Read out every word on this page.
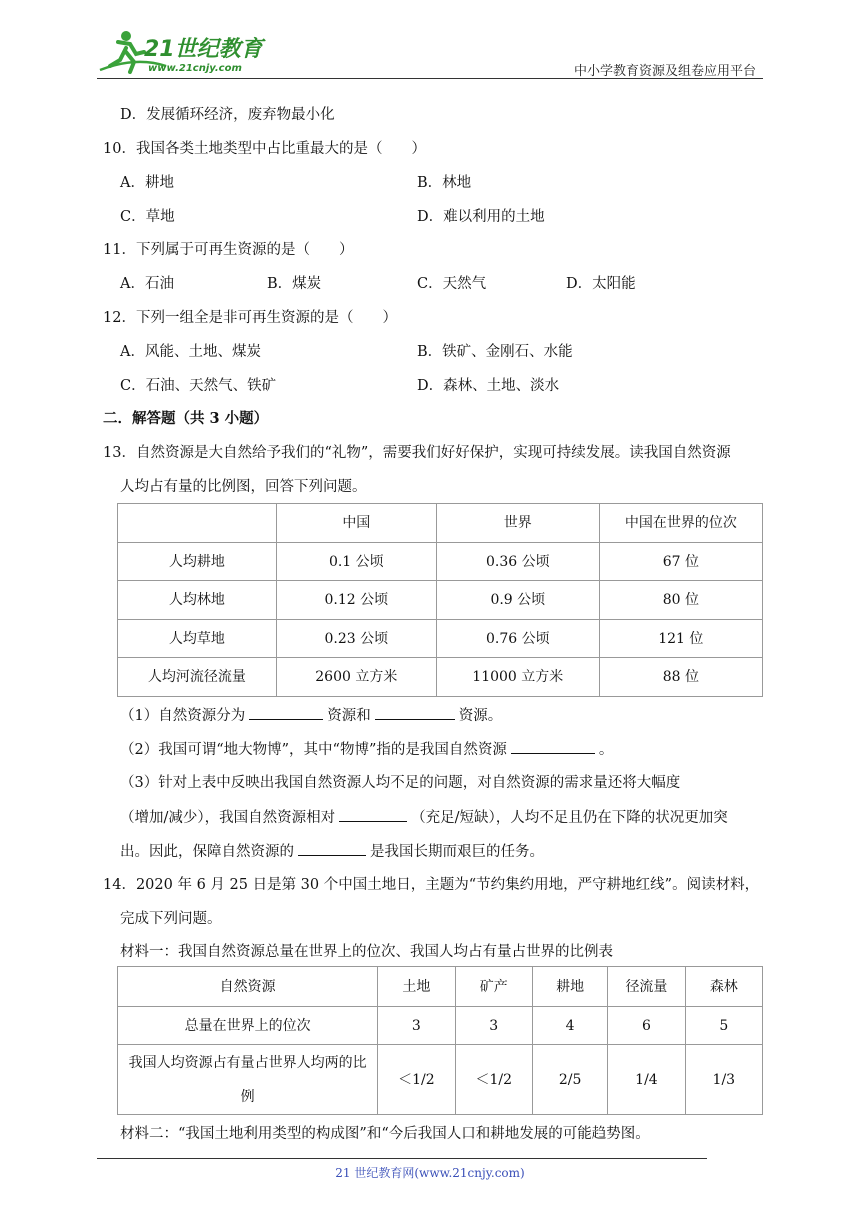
21世纪教育
www.21cnjy.com	中小学教育资源及组卷应用平台
D．发展循环经济，废弃物最小化
10．我国各类土地类型中占比重最大的是（　　）
A．耕地	B．林地
C．草地	D．难以利用的土地
11．下列属于可再生资源的是（　　）
A．石油	B．煤炭	C．天然气	D．太阳能
12．下列一组全是非可再生资源的是（　　）
A．风能、土地、煤炭	B．铁矿、金刚石、水能
C．石油、天然气、铁矿	D．森林、土地、淡水
二．解答题（共 3 小题）
13．自然资源是大自然给予我们的“礼物”，需要我们好好保护，实现可持续发展。读我国自然资源
人均占有量的比例图，回答下列问题。
	中国	世界	中国在世界的位次
人均耕地	0.1 公顷	0.36 公顷	67 位
人均林地	0.12 公顷	0.9 公顷	80 位
人均草地	0.23 公顷	0.76 公顷	121 位
人均河流径流量	2600 立方米	11000 立方米	88 位
（1）自然资源分为	资源和	资源。
（2）我国可谓“地大物博”，其中“物博”指的是我国自然资源	。
（3）针对上表中反映出我国自然资源人均不足的问题，对自然资源的需求量还将大幅度
（增加/减少），我国自然资源相对	（充足/短缺），人均不足且仍在下降的状况更加突
出。因此，保障自然资源的	是我国长期而艰巨的任务。
14．2020 年 6 月 25 日是第 30 个中国土地日，主题为“节约集约用地，严守耕地红线”。阅读材料，
完成下列问题。
材料一：我国自然资源总量在世界上的位次、我国人均占有量占世界的比例表
自然资源	土地	矿产	耕地	径流量	森林
总量在世界上的位次	3	3	4	6	5
我国人均资源占有量占世界人均两的比例	＜1/2	＜1/2	2/5	1/4	1/3
材料二：“我国土地利用类型的构成图”和“今后我国人口和耕地发展的可能趋势图。
21 世纪教育网(www.21cnjy.com)
